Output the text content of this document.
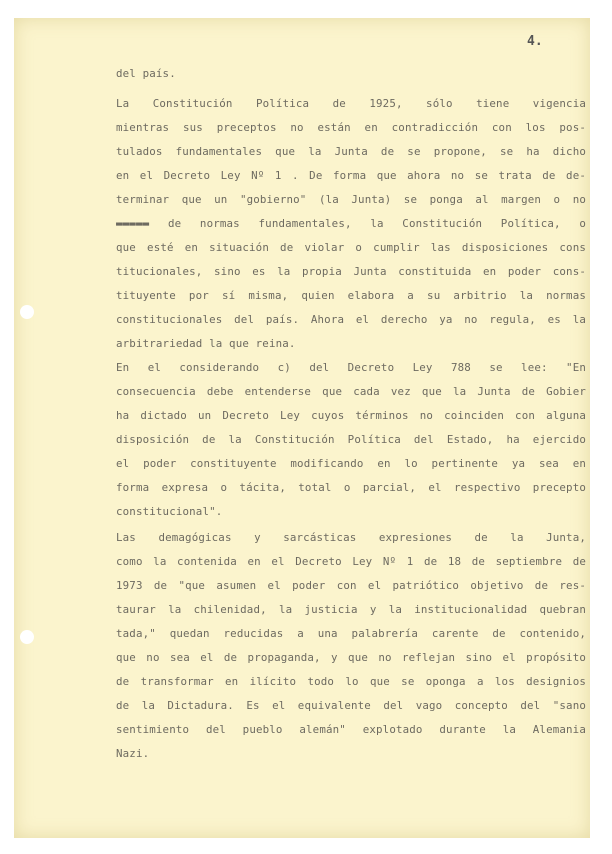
4.
del país.
La Constitución Política de 1925, sólo tiene vigencia
mientras sus preceptos no están en contradicción con los pos-
tulados fundamentales que la Junta de se propone, se ha dicho
en el Decreto Ley Nº 1 . De forma que ahora no se trata de de-
terminar que un "gobierno" (la Junta) se ponga al margen o no
▬▬▬▬▬ de normas fundamentales, la Constitución Política, o
que esté en situación de violar o cumplir las disposiciones cons
titucionales, sino es la propia Junta constituida en poder cons-
tituyente por sí misma, quien elabora a su arbitrio la normas
constitucionales del país. Ahora el derecho ya no regula, es la
arbitrariedad la que reina.
En el considerando c) del Decreto Ley 788 se lee: "En
consecuencia debe entenderse que cada vez que la Junta de Gobier
ha dictado un Decreto Ley cuyos términos no coinciden con alguna
disposición de la Constitución Política del Estado, ha ejercido
el poder constituyente modificando en lo pertinente ya sea en
forma expresa o tácita, total o parcial, el respectivo precepto
constitucional".
Las demagógicas y sarcásticas expresiones de la Junta,
como la contenida en el Decreto Ley Nº 1 de 18 de septiembre de
1973 de "que asumen el poder con el patriótico objetivo de res-
taurar la chilenidad, la justicia y la institucionalidad quebran
tada," quedan reducidas a una palabrería carente de contenido,
que no sea el de propaganda, y que no reflejan sino el propósito
de transformar en ilícito todo lo que se oponga a los designios
de la Dictadura. Es el equivalente del vago concepto del "sano
sentimiento del pueblo alemán" explotado durante la Alemania
Nazi.
